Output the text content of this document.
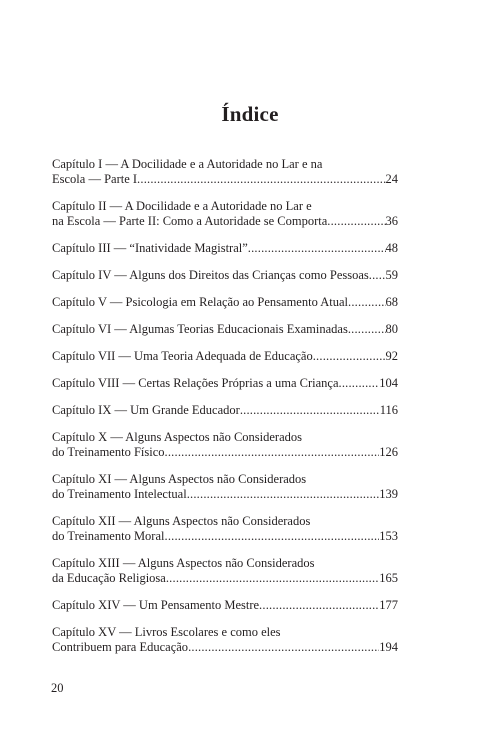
Índice
Capítulo I — A Docilidade e a Autoridade no Lar e na
Escola — Parte I .....	24
Capítulo II — A Docilidade e a Autoridade no Lar e
na Escola — Parte II: Como a Autoridade se Comporta .....	36
Capítulo III — “Inatividade Magistral” .....	48
Capítulo IV — Alguns dos Direitos das Crianças como Pessoas ..... 59
Capítulo V — Psicologia em Relação ao Pensamento Atual .....	68
Capítulo VI — Algumas Teorias Educacionais Examinadas .....	80
Capítulo VII — Uma Teoria Adequada de Educação .....	92
Capítulo VIII — Certas Relações Próprias a uma Criança .....	104
Capítulo IX — Um Grande Educador .....	116
Capítulo X — Alguns Aspectos não Considerados
do Treinamento Físico .....	126
Capítulo XI — Alguns Aspectos não Considerados
do Treinamento Intelectual .....	139
Capítulo XII — Alguns Aspectos não Considerados
do Treinamento Moral .....	153
Capítulo XIII — Alguns Aspectos não Considerados
da Educação Religiosa .....	165
Capítulo XIV — Um Pensamento Mestre .....	177
Capítulo XV — Livros Escolares e como eles
Contribuem para Educação .....	194
20
